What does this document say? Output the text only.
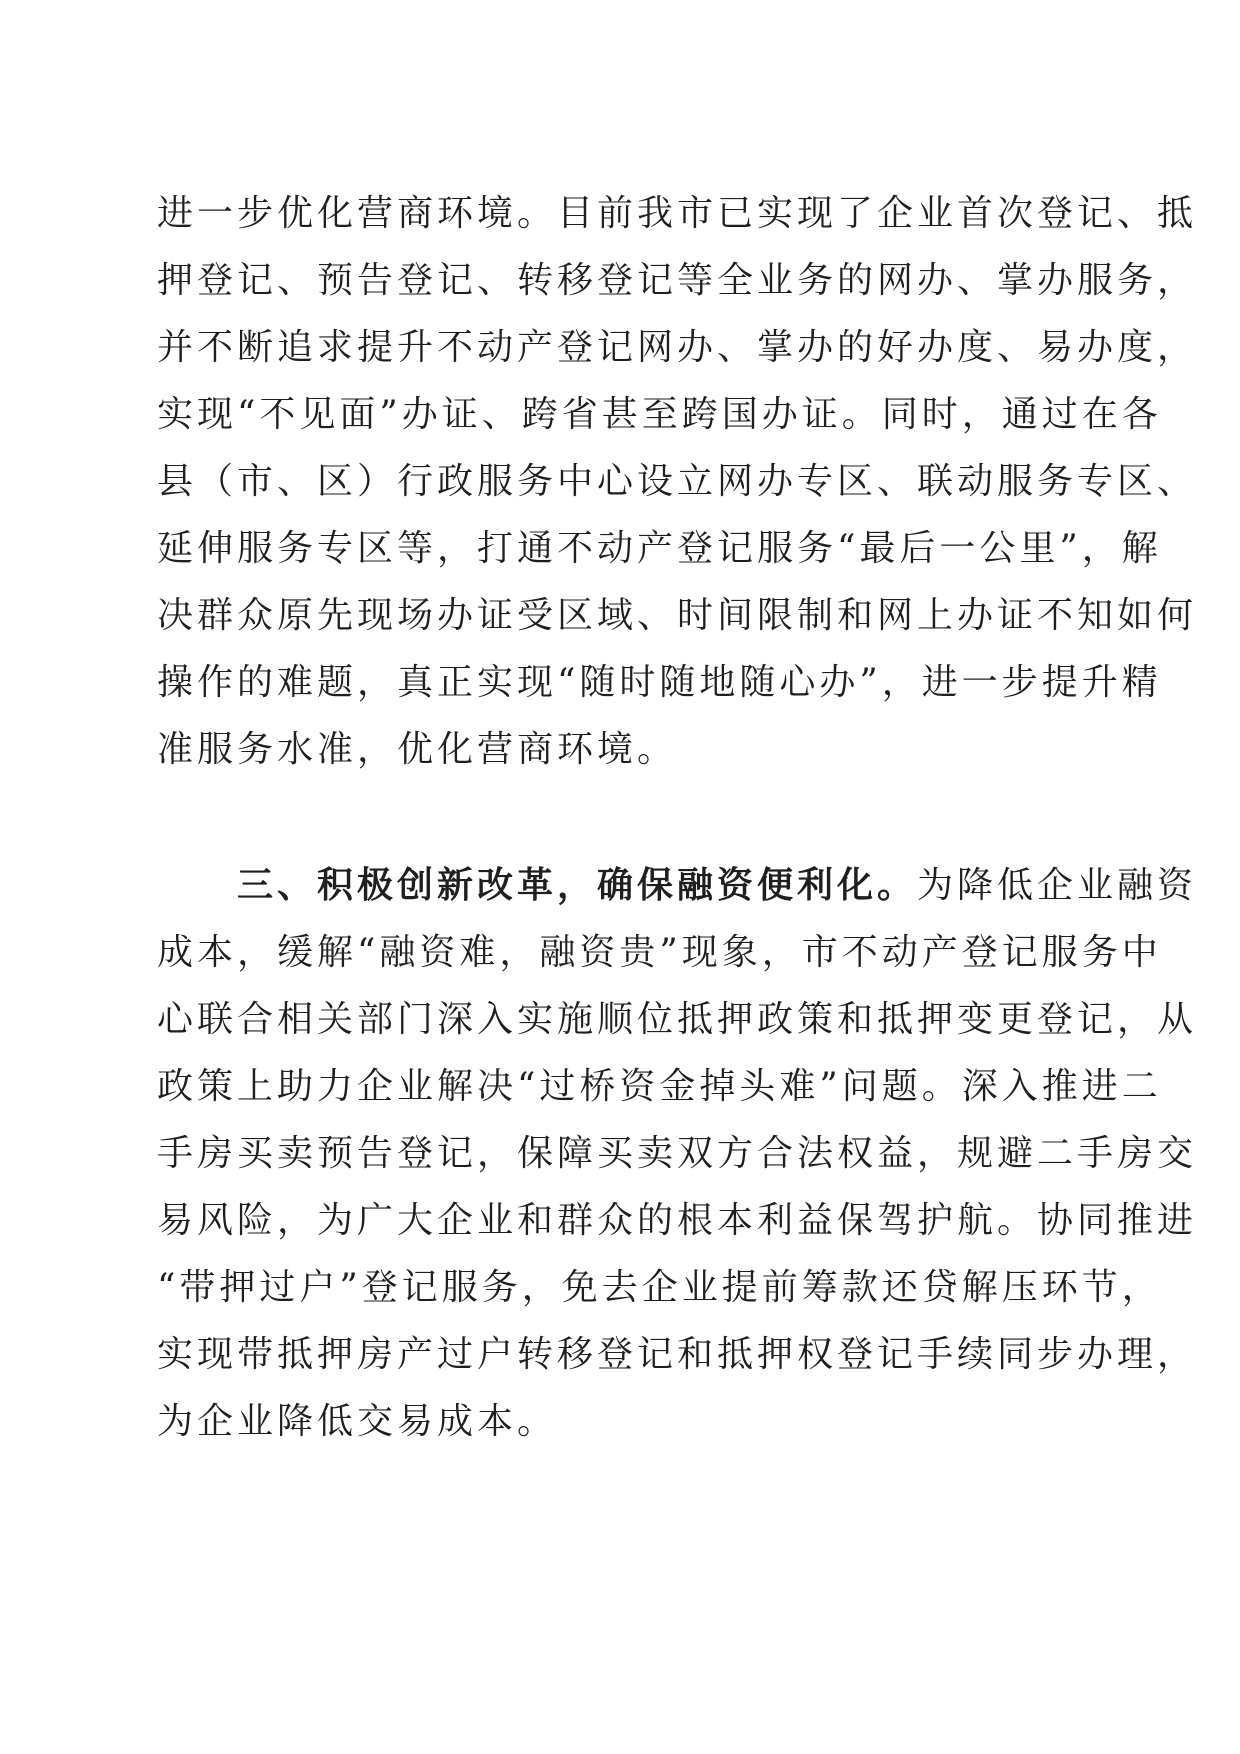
进一步优化营商环境。目前我市已实现了企业首次登记、抵
押登记、预告登记、转移登记等全业务的网办、掌办服务，
并不断追求提升不动产登记网办、掌办的好办度、易办度，
实现“不见面”办证、跨省甚至跨国办证。同时，通过在各
县（市、区）行政服务中心设立网办专区、联动服务专区、
延伸服务专区等，打通不动产登记服务“最后一公里”，解
决群众原先现场办证受区域、时间限制和网上办证不知如何
操作的难题，真正实现“随时随地随心办”，进一步提升精
准服务水准，优化营商环境。
三、积极创新改革，确保融资便利化。为降低企业融资
成本，缓解“融资难，融资贵”现象，市不动产登记服务中
心联合相关部门深入实施顺位抵押政策和抵押变更登记，从
政策上助力企业解决“过桥资金掉头难”问题。深入推进二
手房买卖预告登记，保障买卖双方合法权益，规避二手房交
易风险，为广大企业和群众的根本利益保驾护航。协同推进
“带押过户”登记服务，免去企业提前筹款还贷解压环节，
实现带抵押房产过户转移登记和抵押权登记手续同步办理，
为企业降低交易成本。
